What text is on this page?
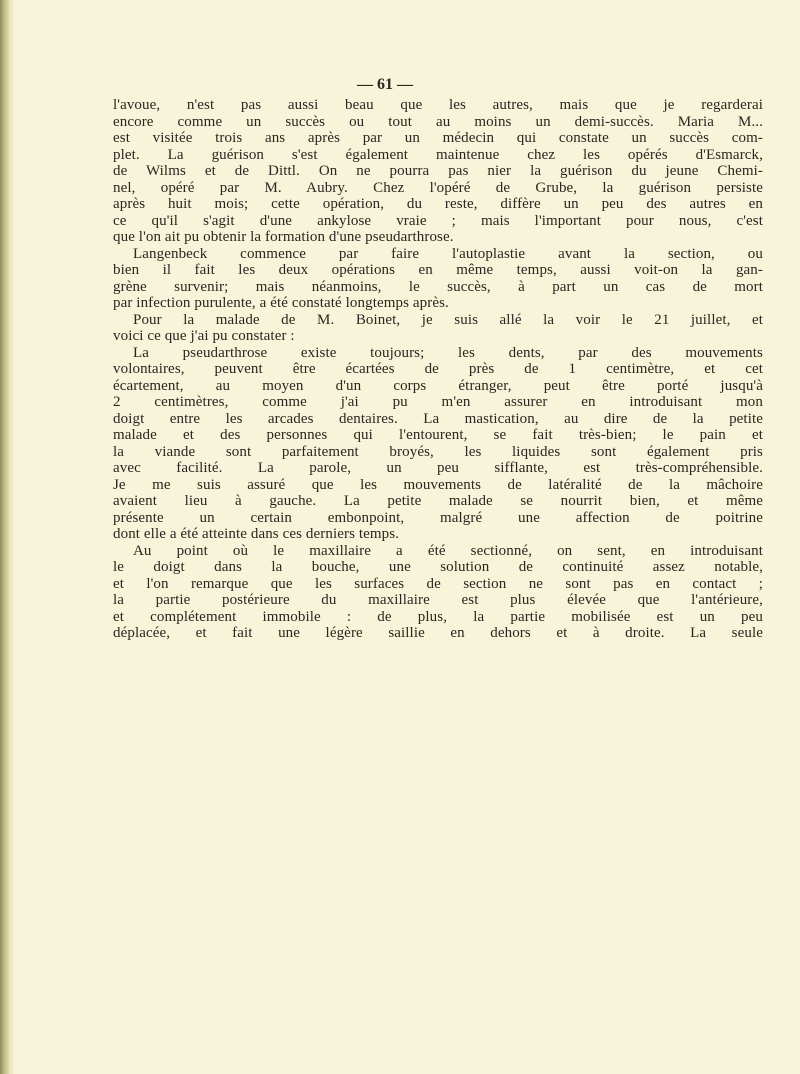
— 61 —
l'avoue, n'est pas aussi beau que les autres, mais que je regarderai
encore comme un succès ou tout au moins un demi-succès. Maria M...
est visitée trois ans après par un médecin qui constate un succès com-
plet. La guérison s'est également maintenue chez les opérés d'Esmarck,
de Wilms et de Dittl. On ne pourra pas nier la guérison du jeune Chemi-
nel, opéré par M. Aubry. Chez l'opéré de Grube, la guérison persiste
après huit mois; cette opération, du reste, diffère un peu des autres en
ce qu'il s'agit d'une ankylose vraie ; mais l'important pour nous, c'est
que l'on ait pu obtenir la formation d'une pseudarthrose.
Langenbeck commence par faire l'autoplastie avant la section, ou
bien il fait les deux opérations en même temps, aussi voit-on la gan-
grène survenir; mais néanmoins, le succès, à part un cas de mort
par infection purulente, a été constaté longtemps après.
Pour la malade de M. Boinet, je suis allé la voir le 21 juillet, et
voici ce que j'ai pu constater :
La pseudarthrose existe toujours; les dents, par des mouvements
volontaires, peuvent être écartées de près de 1 centimètre, et cet
écartement, au moyen d'un corps étranger, peut être porté jusqu'à
2 centimètres, comme j'ai pu m'en assurer en introduisant mon
doigt entre les arcades dentaires. La mastication, au dire de la petite
malade et des personnes qui l'entourent, se fait très-bien; le pain et
la viande sont parfaitement broyés, les liquides sont également pris
avec facilité. La parole, un peu sifflante, est très-compréhensible.
Je me suis assuré que les mouvements de latéralité de la mâchoire
avaient lieu à gauche. La petite malade se nourrit bien, et même
présente un certain embonpoint, malgré une affection de poitrine
dont elle a été atteinte dans ces derniers temps.
Au point où le maxillaire a été sectionné, on sent, en introduisant
le doigt dans la bouche, une solution de continuité assez notable,
et l'on remarque que les surfaces de section ne sont pas en contact ;
la partie postérieure du maxillaire est plus élevée que l'antérieure,
et complétement immobile : de plus, la partie mobilisée est un peu
déplacée, et fait une légère saillie en dehors et à droite. La seule
